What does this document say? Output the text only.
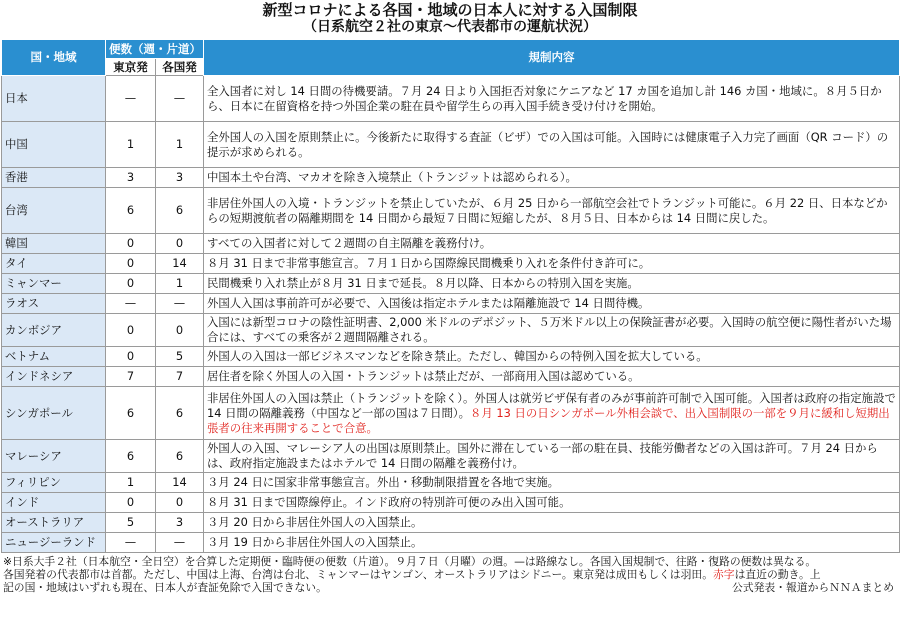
新型コロナによる各国・地域の日本人に対する入国制限
（日系航空２社の東京〜代表都市の運航状況）
国・地域	便数（週・片道）		規制内容
	東京発	各国発	
日本	—	—	全入国者に対し 14 日間の待機要請。７月 24 日より入国拒否対象にケニアなど 17 カ国を追加し計 146 カ国・地域に。８月５日から、日本に在留資格を持つ外国企業の駐在員や留学生らの再入国手続き受け付けを開始。
中国	1	1	全外国人の入国を原則禁止に。今後新たに取得する査証（ビザ）での入国は可能。入国時には健康電子入力完了画面（QR コード）の提示が求められる。
香港	3	3	中国本土や台湾、マカオを除き入境禁止（トランジットは認められる）。
台湾	6	6	非居住外国人の入境・トランジットを禁止していたが、６月 25 日から一部航空会社でトランジット可能に。６月 22 日、日本などからの短期渡航者の隔離期間を 14 日間から最短７日間に短縮したが、８月５日、日本からは 14 日間に戻した。
韓国	0	0	すべての入国者に対して２週間の自主隔離を義務付け。
タイ	0	14	８月 31 日まで非常事態宣言。７月１日から国際線民間機乗り入れを条件付き許可に。
ミャンマー	0	1	民間機乗り入れ禁止が８月 31 日まで延長。８月以降、日本からの特別入国を実施。
ラオス	—	—	外国人入国は事前許可が必要で、入国後は指定ホテルまたは隔離施設で 14 日間待機。
カンボジア	0	0	入国には新型コロナの陰性証明書、2,000 米ドルのデポジット、５万米ドル以上の保険証書が必要。入国時の航空便に陽性者がいた場合には、すべての乗客が２週間隔離される。
ベトナム	0	5	外国人の入国は一部ビジネスマンなどを除き禁止。ただし、韓国からの特例入国を拡大している。
インドネシア	7	7	居住者を除く外国人の入国・トランジットは禁止だが、一部商用入国は認めている。
シンガポール	6	6	非居住外国人の入国は禁止（トランジットを除く）。外国人は就労ビザ保有者のみが事前許可制で入国可能。入国者は政府の指定施設で 14 日間の隔離義務（中国など一部の国は７日間）。８月 13 日の日シンガポール外相会談で、出入国制限の一部を９月に緩和し短期出張者の往来再開することで合意。
マレーシア	6	6	外国人の入国、マレーシア人の出国は原則禁止。国外に滞在している一部の駐在員、技能労働者などの入国は許可。７月 24 日からは、政府指定施設またはホテルで 14 日間の隔離を義務付け。
フィリピン	1	14	３月 24 日に国家非常事態宣言。外出・移動制限措置を各地で実施。
インド	0	0	８月 31 日まで国際線停止。インド政府の特別許可便のみ出入国可能。
オーストラリア	5	3	３月 20 日から非居住外国人の入国禁止。
ニュージーランド	—	—	３月 19 日から非居住外国人の入国禁止。
※日系大手２社（日本航空・全日空）を合算した定期便・臨時便の便数（片道）。９月７日（月曜）の週。—は路線なし。各国入国規制で、往路・復路の便数は異なる。
各国発着の代表都市は首都。ただし、中国は上海、台湾は台北、ミャンマーはヤンゴン、オーストラリアはシドニー。東京発は成田もしくは羽田。赤字は直近の動き。上
記の国・地域はいずれも現在、日本人が査証免除で入国できない。	公式発表・報道からＮＮＡまとめ
